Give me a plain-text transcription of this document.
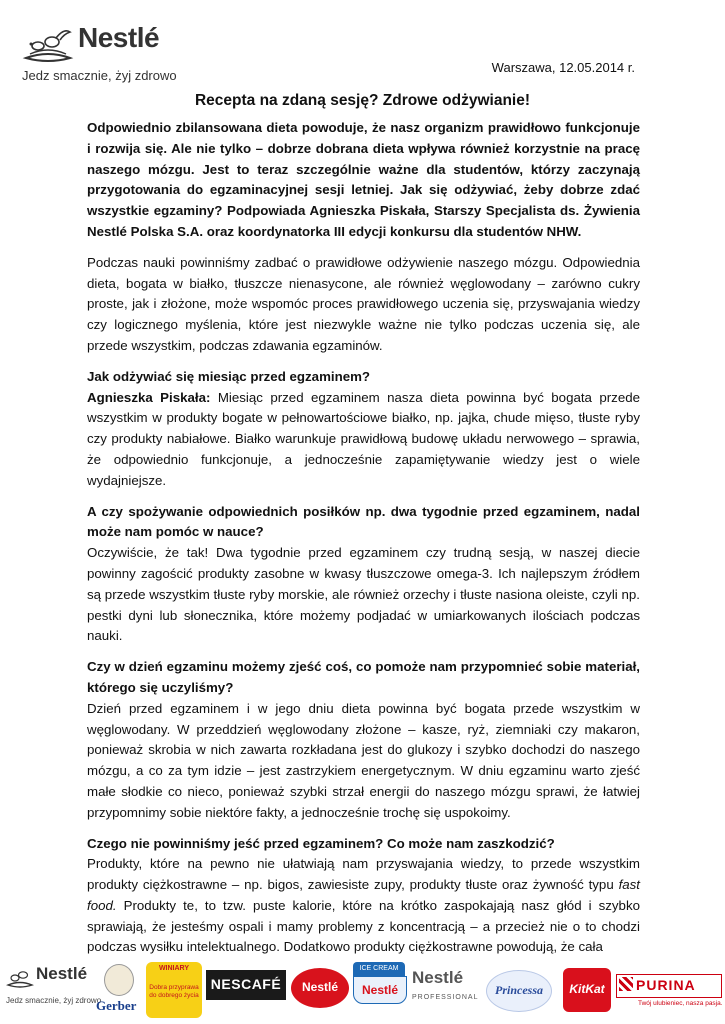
Nestlé
Jedz smacznie, żyj zdrowo
Warszawa, 12.05.2014 r.
Recepta na zdaną sesję? Zdrowe odżywianie!

Odpowiednio zbilansowana dieta powoduje, że nasz organizm prawidłowo funkcjonuje i rozwija się. Ale nie tylko – dobrze dobrana dieta wpływa również korzystnie na pracę naszego mózgu. Jest to teraz szczególnie ważne dla studentów, którzy zaczynają przygotowania do egzaminacyjnej sesji letniej. Jak się odżywiać, żeby dobrze zdać wszystkie egzaminy? Podpowiada Agnieszka Piskała, Starszy Specjalista ds. Żywienia Nestlé Polska S.A. oraz koordynatorka III edycji konkursu dla studentów NHW.

Podczas nauki powinniśmy zadbać o prawidłowe odżywienie naszego mózgu. Odpowiednia dieta, bogata w białko, tłuszcze nienasycone, ale również węglowodany – zarówno cukry proste, jak i złożone, może wspomóc proces prawidłowego uczenia się, przyswajania wiedzy czy logicznego myślenia, które jest niezwykle ważne nie tylko podczas uczenia się, ale przede wszystkim, podczas zdawania egzaminów.

Jak odżywiać się miesiąc przed egzaminem?

Agnieszka Piskała: Miesiąc przed egzaminem nasza dieta powinna być bogata przede wszystkim w produkty bogate w pełnowartościowe białko, np. jajka, chude mięso, tłuste ryby czy produkty nabiałowe. Białko warunkuje prawidłową budowę układu nerwowego – sprawia, że odpowiednio funkcjonuje, a jednocześnie zapamiętywanie wiedzy jest o wiele wydajniejsze.

A czy spożywanie odpowiednich posiłków np. dwa tygodnie przed egzaminem, nadal może nam pomóc w nauce?

Oczywiście, że tak! Dwa tygodnie przed egzaminem czy trudną sesją, w naszej diecie powinny zagościć produkty zasobne w kwasy tłuszczowe omega-3. Ich najlepszym źródłem są przede wszystkim tłuste ryby morskie, ale również orzechy i tłuste nasiona oleiste, czyli np. pestki dyni lub słonecznika, które możemy podjadać w umiarkowanych ilościach podczas nauki.

Czy w dzień egzaminu możemy zjeść coś, co pomoże nam przypomnieć sobie materiał, którego się uczyliśmy?

Dzień przed egzaminem i w jego dniu dieta powinna być bogata przede wszystkim w węglowodany. W przeddzień węglowodany złożone – kasze, ryż, ziemniaki czy makaron, ponieważ skrobia w nich zawarta rozkładana jest do glukozy i szybko dochodzi do naszego mózgu, a co za tym idzie – jest zastrzykiem energetycznym. W dniu egzaminu warto zjeść małe słodkie co nieco, ponieważ szybki strzał energii do naszego mózgu sprawi, że łatwiej przypomnimy sobie niektóre fakty, a jednocześnie trochę się uspokoimy.

Czego nie powinniśmy jeść przed egzaminem? Co może nam zaszkodzić?

Produkty, które na pewno nie ułatwiają nam przyswajania wiedzy, to przede wszystkim produkty ciężkostrawne – np. bigos, zawiesiste zupy, produkty tłuste oraz żywność typu fast food. Produkty te, to tzw. puste kalorie, które na krótko zaspokajają nasz głód i szybko sprawiają, że jesteśmy ospali i mamy problemy z koncentracją – a przecież nie o to chodzi podczas wysiłku intelektualnego. Dodatkowo produkty ciężkostrawne powodują, że cała

Nestlé
Jedz smacznie, żyj zdrowo
Gerber
WINIARY
Dobra przyprawa do dobrego życia
NESCAFÉ	Nestlé
ICE CREAM
Nestlé
Nestlé
PROFESSIONAL
Princessa	KitKat	PURINA
Twój ulubieniec, nasza pasja.
